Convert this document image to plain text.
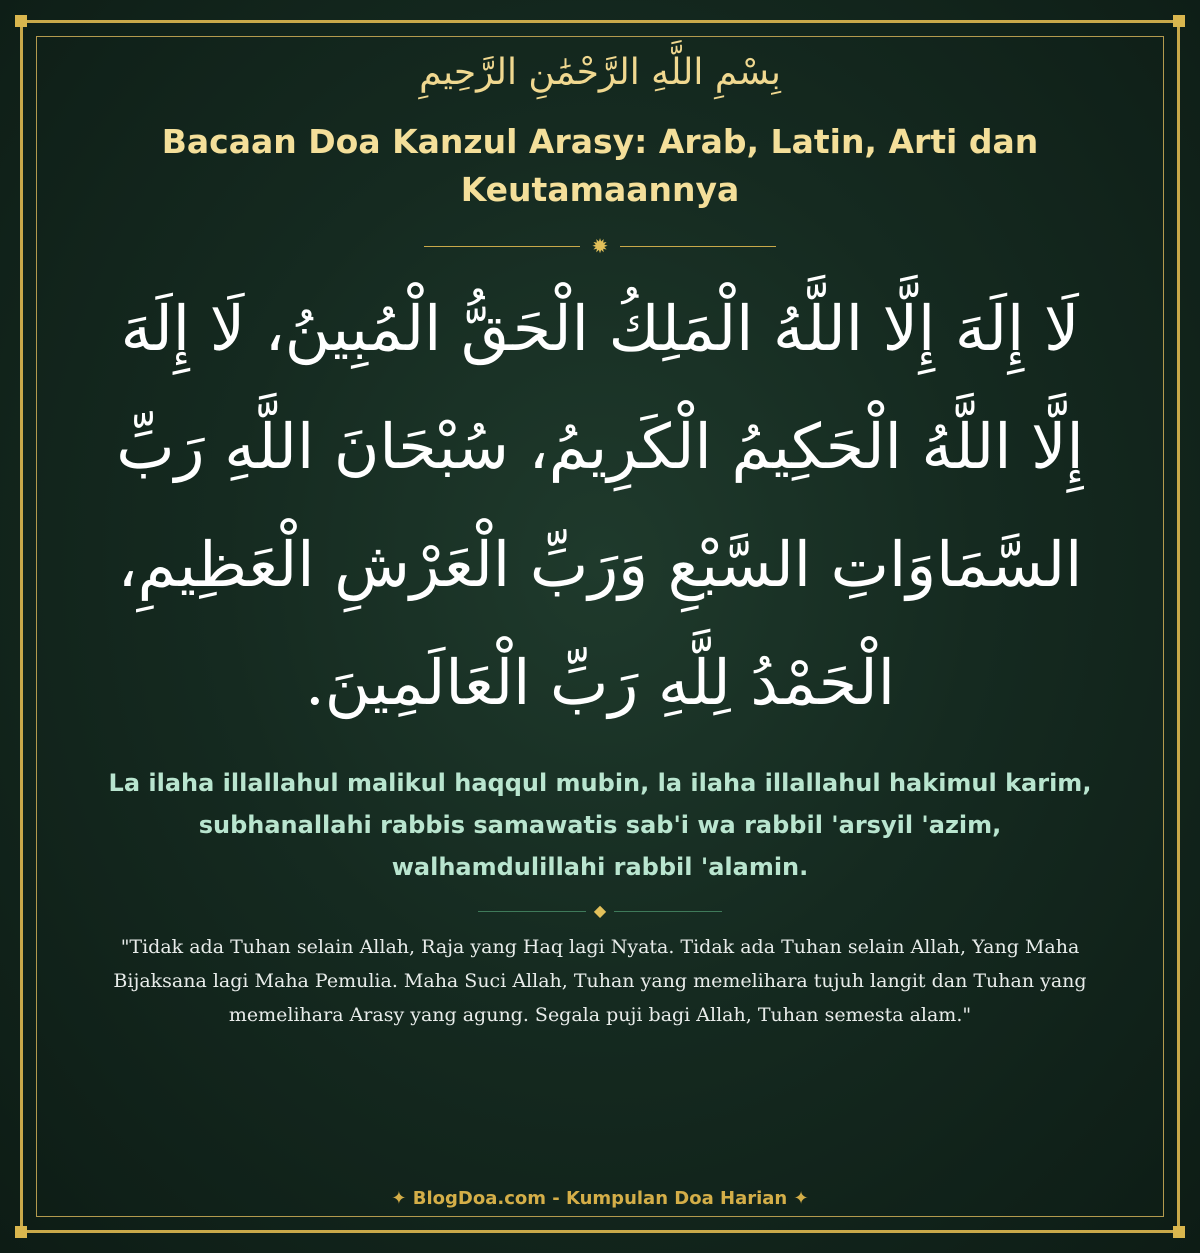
بِسْمِ اللَّهِ الرَّحْمَٰنِ الرَّحِيمِ
Bacaan Doa Kanzul Arasy: Arab, Latin, Arti dan Keutamaannya
✹
لَا إِلَهَ إِلَّا اللَّهُ الْمَلِكُ الْحَقُّ الْمُبِينُ، لَا إِلَهَ إِلَّا اللَّهُ الْحَكِيمُ الْكَرِيمُ، سُبْحَانَ اللَّهِ رَبِّ السَّمَاوَاتِ السَّبْعِ وَرَبِّ الْعَرْشِ الْعَظِيمِ، الْحَمْدُ لِلَّهِ رَبِّ الْعَالَمِينَ.
La ilaha illallahul malikul haqqul mubin, la ilaha illallahul hakimul karim, subhanallahi rabbis samawatis sab'i wa rabbil 'arsyil 'azim, walhamdulillahi rabbil 'alamin.
◆
"Tidak ada Tuhan selain Allah, Raja yang Haq lagi Nyata. Tidak ada Tuhan selain Allah, Yang Maha Bijaksana lagi Maha Pemulia. Maha Suci Allah, Tuhan yang memelihara tujuh langit dan Tuhan yang memelihara Arasy yang agung. Segala puji bagi Allah, Tuhan semesta alam."
✦ BlogDoa.com - Kumpulan Doa Harian ✦
